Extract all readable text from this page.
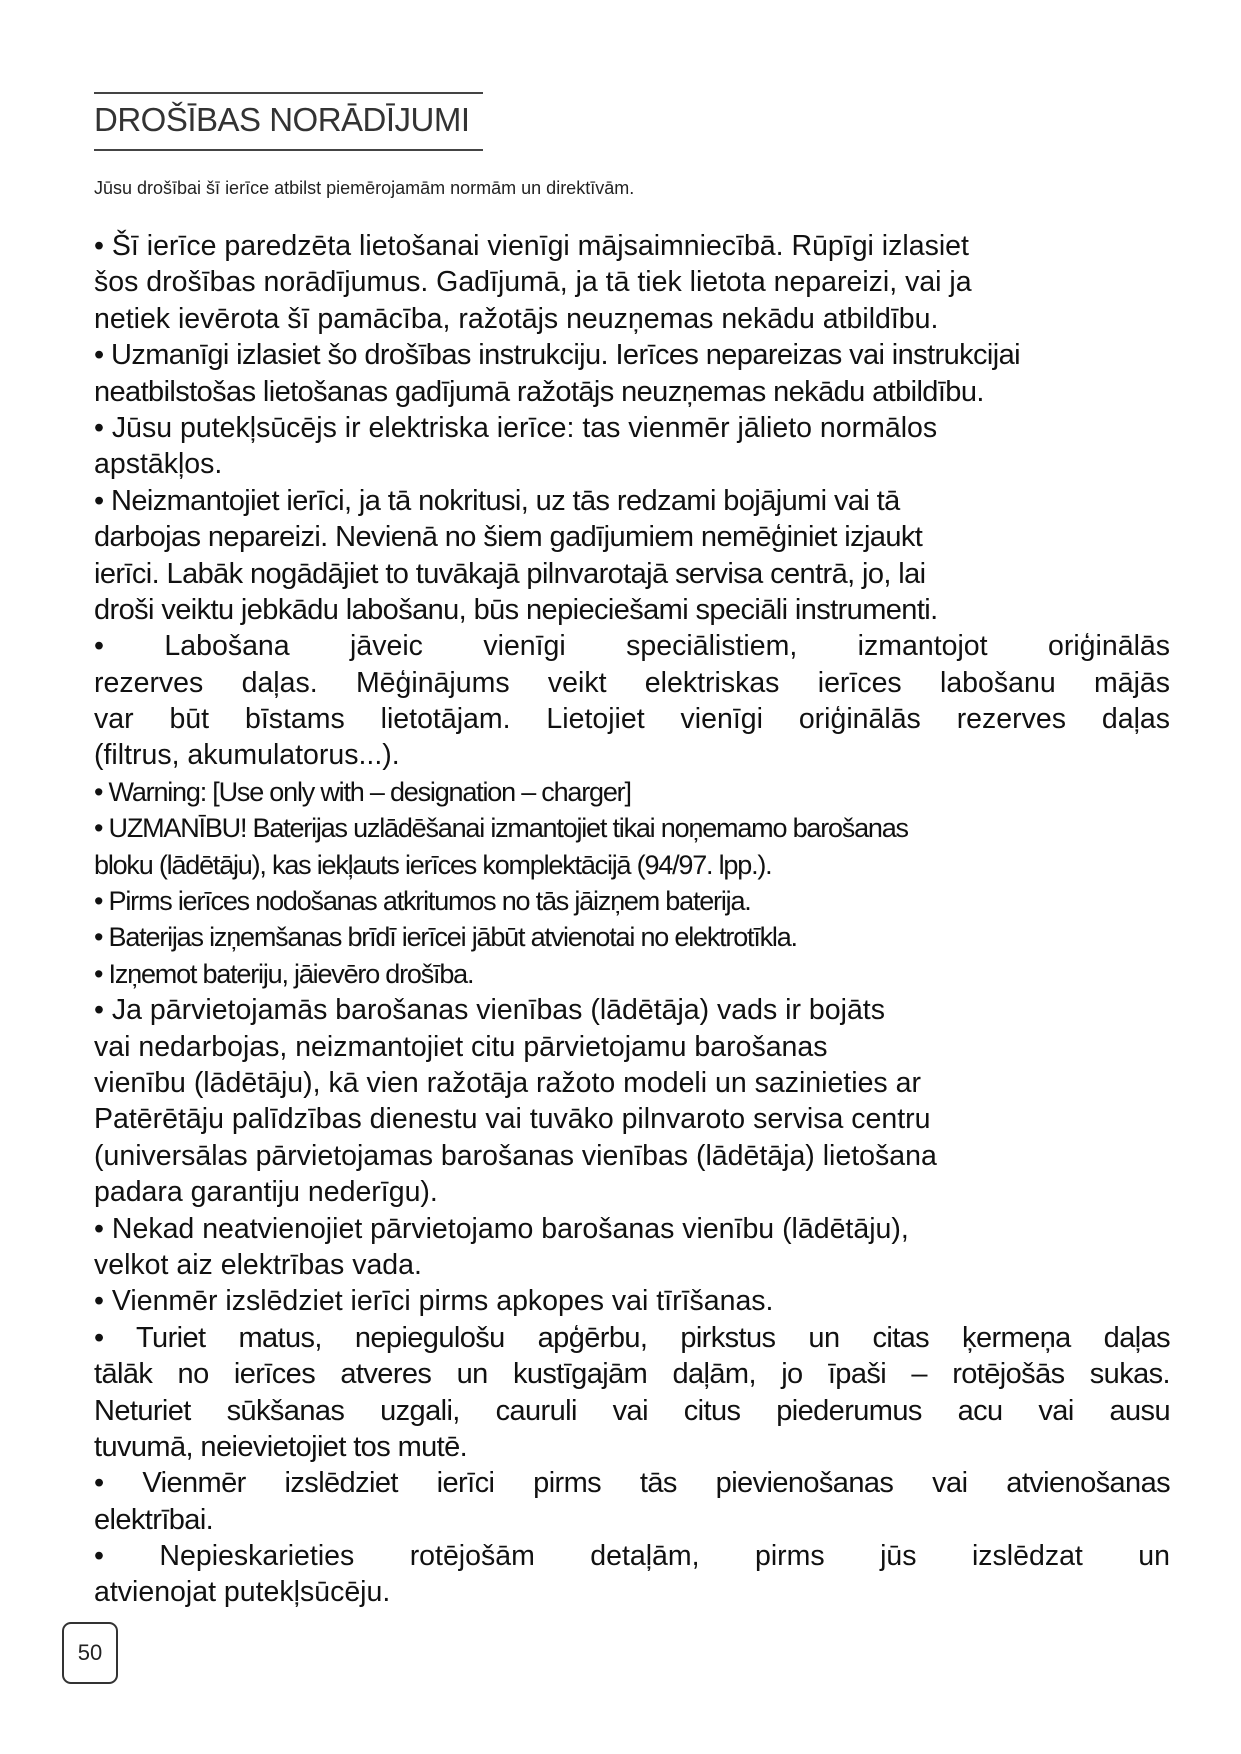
DROŠĪBAS NORĀDĪJUMI
Jūsu drošībai šī ierīce atbilst piemērojamām normām un direktīvām.
• Šī ierīce paredzēta lietošanai vienīgi mājsaimniecībā. Rūpīgi izlasiet
šos drošības norādījumus. Gadījumā, ja tā tiek lietota nepareizi, vai ja
netiek ievērota šī pamācība, ražotājs neuzņemas nekādu atbildību.
• Uzmanīgi izlasiet šo drošības instrukciju. Ierīces nepareizas vai instrukcijai
neatbilstošas lietošanas gadījumā ražotājs neuzņemas nekādu atbildību.
• Jūsu putekļsūcējs ir elektriska ierīce: tas vienmēr jālieto normālos
apstākļos.
• Neizmantojiet ierīci, ja tā nokritusi, uz tās redzami bojājumi vai tā
darbojas nepareizi. Nevienā no šiem gadījumiem nemēģiniet izjaukt
ierīci. Labāk nogādājiet to tuvākajā pilnvarotajā servisa centrā, jo, lai
droši veiktu jebkādu labošanu, būs nepieciešami speciāli instrumenti.
• Labošana jāveic vienīgi speciālistiem, izmantojot oriģinālās
rezerves daļas. Mēģinājums veikt elektriskas ierīces labošanu mājās
var būt bīstams lietotājam. Lietojiet vienīgi oriģinālās rezerves daļas
(filtrus, akumulatorus...).
• Warning: [Use only with – designation – charger]
• UZMANĪBU! Baterijas uzlādēšanai izmantojiet tikai noņemamo barošanas
bloku (lādētāju), kas iekļauts ierīces komplektācijā (94/97. lpp.).
• Pirms ierīces nodošanas atkritumos no tās jāizņem baterija.
• Baterijas izņemšanas brīdī ierīcei jābūt atvienotai no elektrotīkla.
• Izņemot bateriju, jāievēro drošība.
• Ja pārvietojamās barošanas vienības (lādētāja) vads ir bojāts
vai nedarbojas, neizmantojiet citu pārvietojamu barošanas
vienību (lādētāju), kā vien ražotāja ražoto modeli un sazinieties ar
Patērētāju palīdzības dienestu vai tuvāko pilnvaroto servisa centru
(universālas pārvietojamas barošanas vienības (lādētāja) lietošana
padara garantiju nederīgu).
• Nekad neatvienojiet pārvietojamo barošanas vienību (lādētāju),
velkot aiz elektrības vada.
• Vienmēr izslēdziet ierīci pirms apkopes vai tīrīšanas.
• Turiet matus, nepiegulošu apģērbu, pirkstus un citas ķermeņa daļas
tālāk no ierīces atveres un kustīgajām daļām, jo īpaši – rotējošās sukas.
Neturiet sūkšanas uzgali, cauruli vai citus piederumus acu vai ausu
tuvumā, neievietojiet tos mutē.
• Vienmēr izslēdziet ierīci pirms tās pievienošanas vai atvienošanas
elektrībai.
• Nepieskarieties rotējošām detaļām, pirms jūs izslēdzat un
atvienojat putekļsūcēju.
50
